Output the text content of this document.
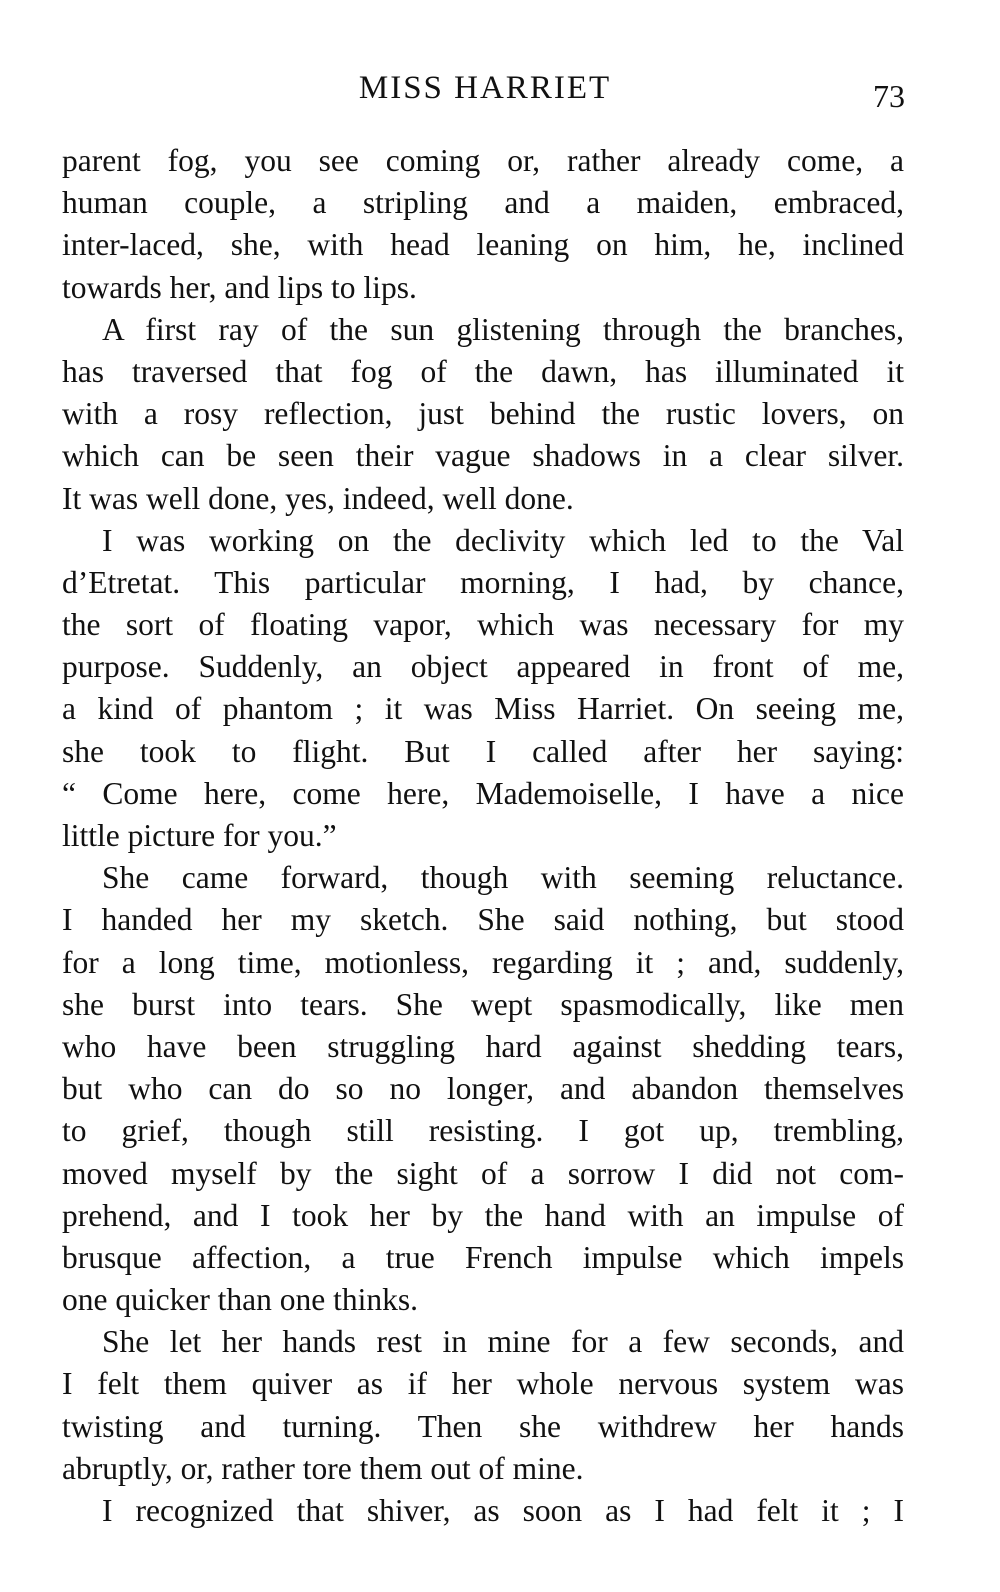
MISS HARRIET	73
parent fog, you see coming or, rather already come, a
human couple, a stripling and a maiden, embraced,
inter-laced, she, with head leaning on him, he, inclined
towards her, and lips to lips.
A first ray of the sun glistening through the branches,
has traversed that fog of the dawn, has illuminated it
with a rosy reflection, just behind the rustic lovers, on
which can be seen their vague shadows in a clear silver.
It was well done, yes, indeed, well done.
I was working on the declivity which led to the Val
d’Etretat. This particular morning, I had, by chance,
the sort of floating vapor, which was necessary for my
purpose. Suddenly, an object appeared in front of me,
a kind of phantom ; it was Miss Harriet. On seeing me,
she took to flight. But I called after her saying:
“ Come here, come here, Mademoiselle, I have a nice
little picture for you.”
She came forward, though with seeming reluctance.
I handed her my sketch. She said nothing, but stood
for a long time, motionless, regarding it ; and, suddenly,
she burst into tears. She wept spasmodically, like men
who have been struggling hard against shedding tears,
but who can do so no longer, and abandon themselves
to grief, though still resisting. I got up, trembling,
moved myself by the sight of a sorrow I did not com-
prehend, and I took her by the hand with an impulse of
brusque affection, a true French impulse which impels
one quicker than one thinks.
She let her hands rest in mine for a few seconds, and
I felt them quiver as if her whole nervous system was
twisting and turning. Then she withdrew her hands
abruptly, or, rather tore them out of mine.
I recognized that shiver, as soon as I had felt it ; I
